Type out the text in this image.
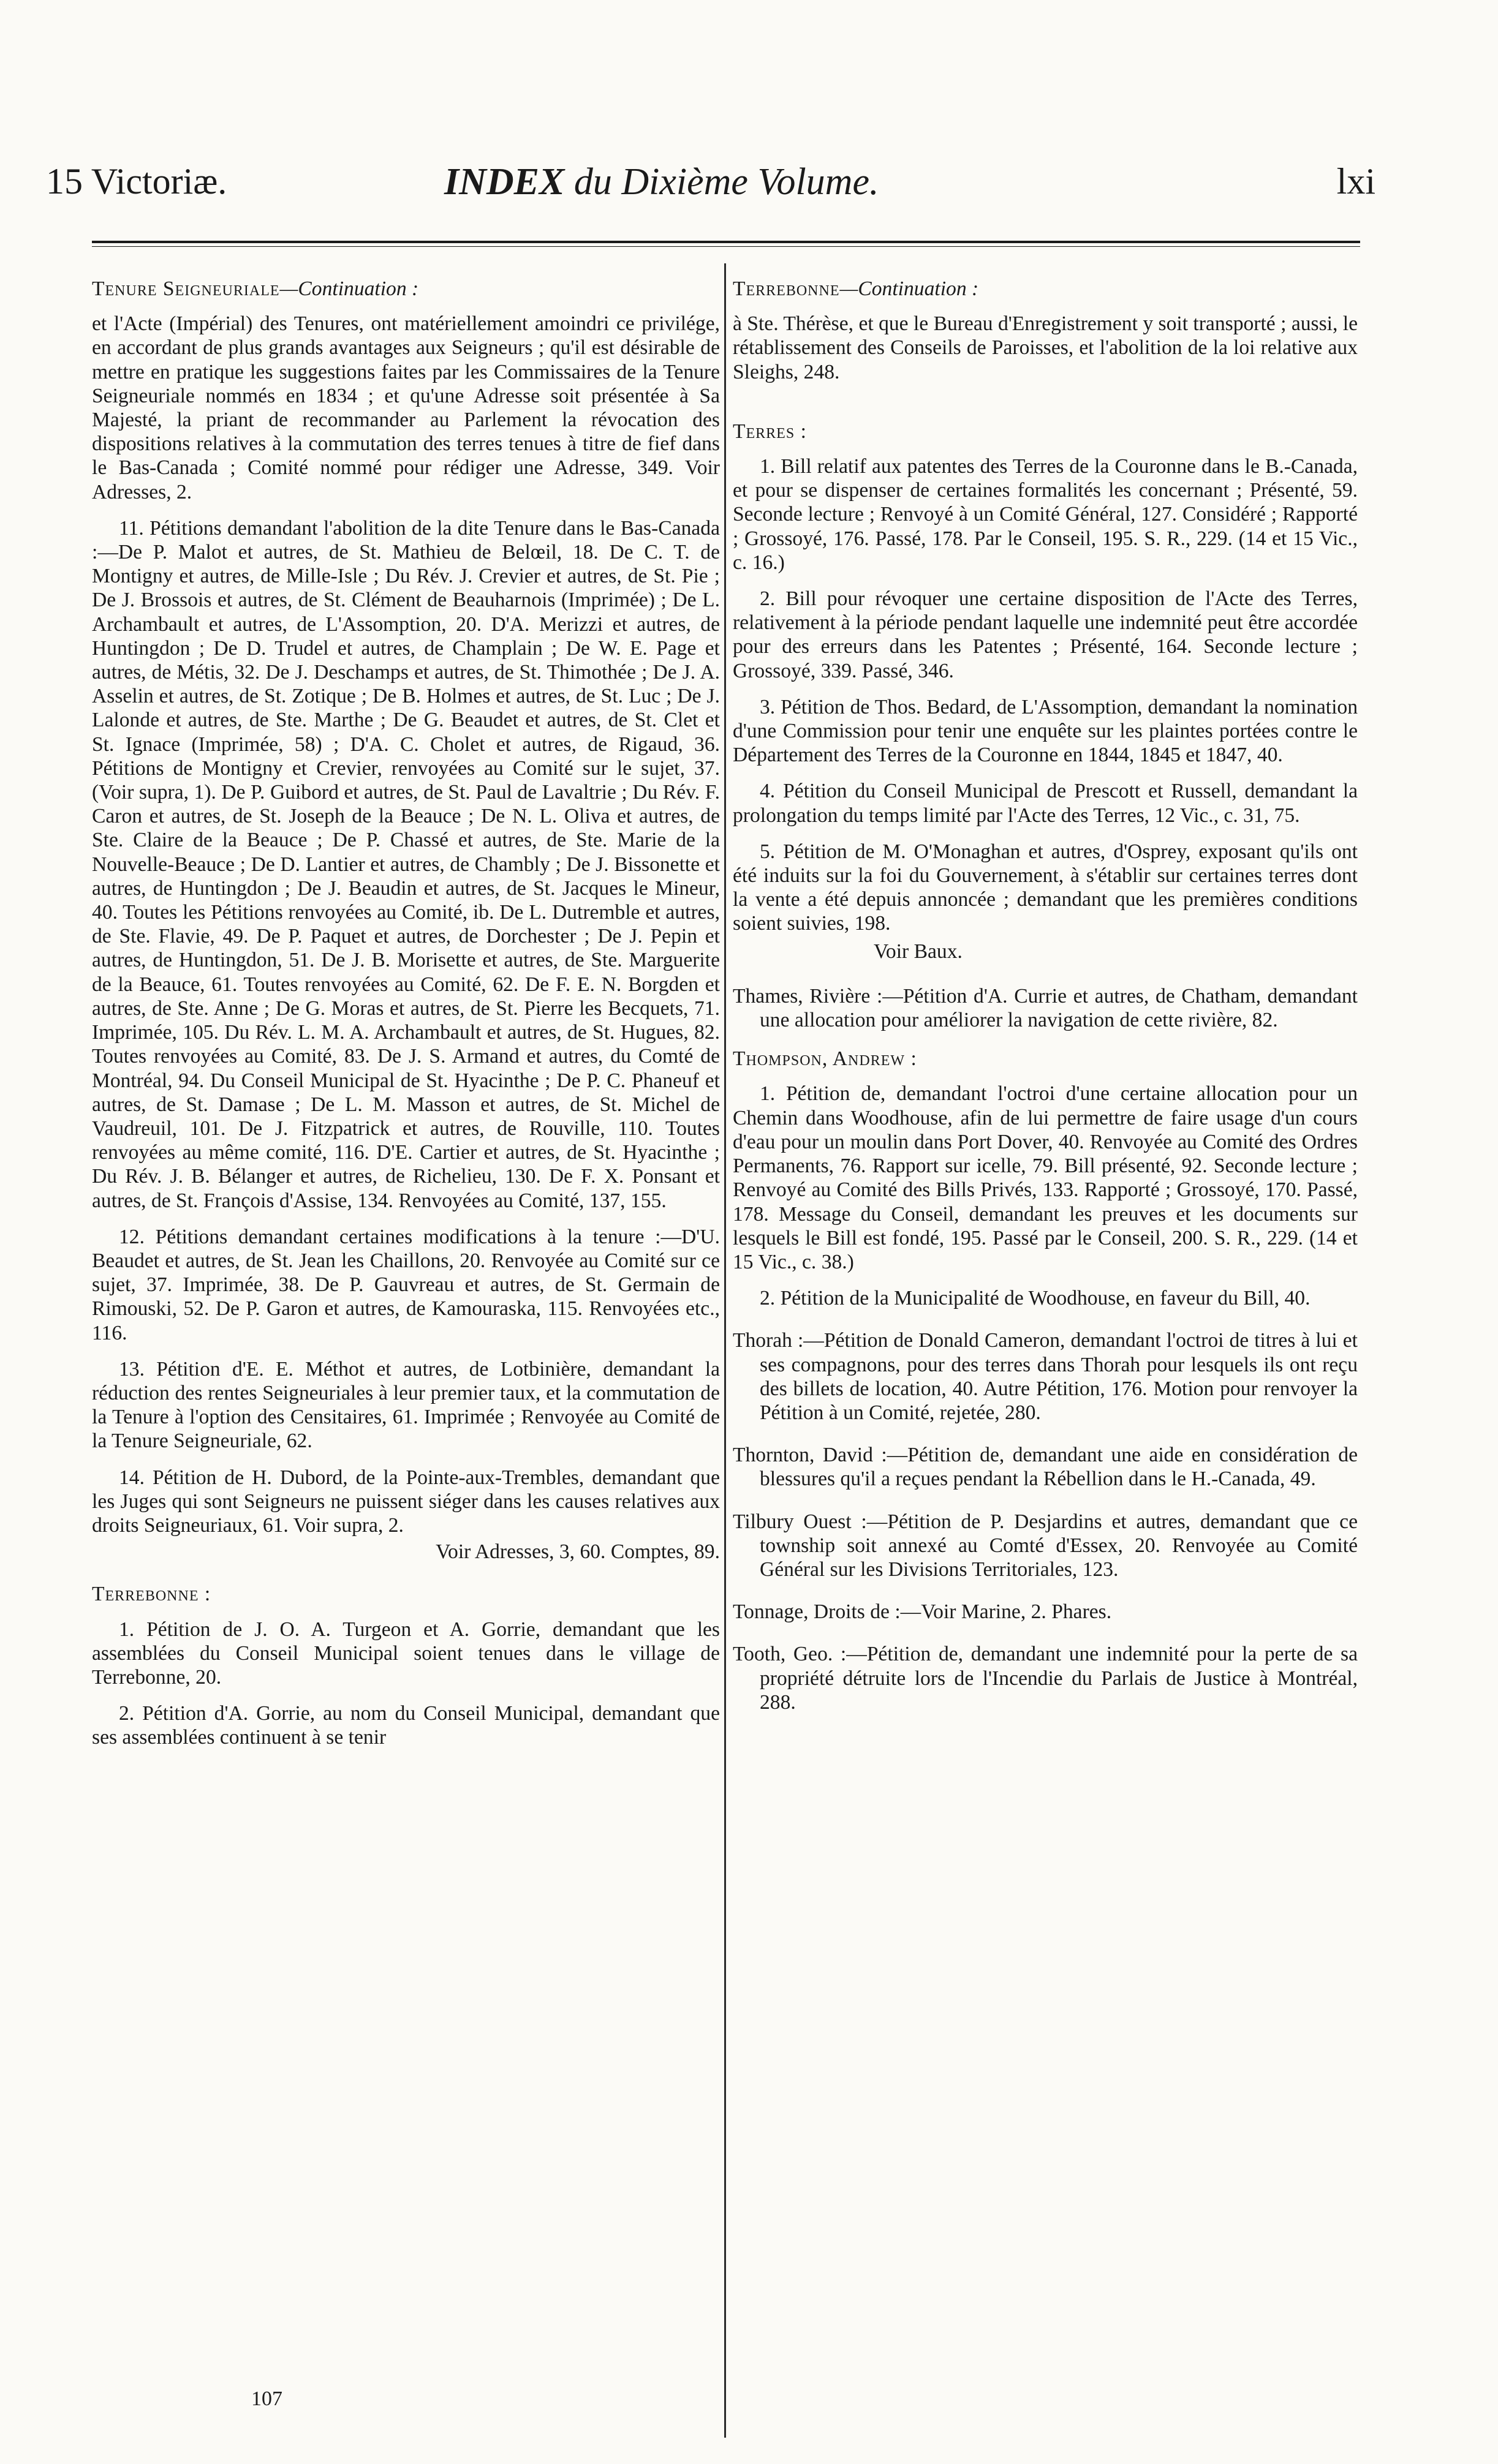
15 Victoriæ.	INDEX du Dixième Volume.	lxi
Tenure Seigneuriale—Continuation :

et l'Acte (Impérial) des Tenures, ont matériellement amoindri ce privilége, en accordant de plus grands avantages aux Seigneurs ; qu'il est désirable de mettre en pratique les suggestions faites par les Commissaires de la Tenure Seigneuriale nommés en 1834 ; et qu'une Adresse soit présentée à Sa Majesté, la priant de recommander au Parlement la révocation des dispositions relatives à la commutation des terres tenues à titre de fief dans le Bas-Canada ; Comité nommé pour rédiger une Adresse, 349. Voir Adresses, 2.

11. Pétitions demandant l'abolition de la dite Tenure dans le Bas-Canada :—De P. Malot et autres, de St. Mathieu de Belœil, 18. De C. T. de Montigny et autres, de Mille-Isle ; Du Rév. J. Crevier et autres, de St. Pie ; De J. Brossois et autres, de St. Clément de Beauharnois (Imprimée) ; De L. Archambault et autres, de L'Assomption, 20. D'A. Merizzi et autres, de Huntingdon ; De D. Trudel et autres, de Champlain ; De W. E. Page et autres, de Métis, 32. De J. Deschamps et autres, de St. Thimothée ; De J. A. Asselin et autres, de St. Zotique ; De B. Holmes et autres, de St. Luc ; De J. Lalonde et autres, de Ste. Marthe ; De G. Beaudet et autres, de St. Clet et St. Ignace (Imprimée, 58) ; D'A. C. Cholet et autres, de Rigaud, 36. Pétitions de Montigny et Crevier, renvoyées au Comité sur le sujet, 37. (Voir supra, 1). De P. Guibord et autres, de St. Paul de Lavaltrie ; Du Rév. F. Caron et autres, de St. Joseph de la Beauce ; De N. L. Oliva et autres, de Ste. Claire de la Beauce ; De P. Chassé et autres, de Ste. Marie de la Nouvelle-Beauce ; De D. Lantier et autres, de Chambly ; De J. Bissonette et autres, de Huntingdon ; De J. Beaudin et autres, de St. Jacques le Mineur, 40. Toutes les Pétitions renvoyées au Comité, ib. De L. Dutremble et autres, de Ste. Flavie, 49. De P. Paquet et autres, de Dorchester ; De J. Pepin et autres, de Huntingdon, 51. De J. B. Morisette et autres, de Ste. Marguerite de la Beauce, 61. Toutes renvoyées au Comité, 62. De F. E. N. Borgden et autres, de Ste. Anne ; De G. Moras et autres, de St. Pierre les Becquets, 71. Imprimée, 105. Du Rév. L. M. A. Archambault et autres, de St. Hugues, 82. Toutes renvoyées au Comité, 83. De J. S. Armand et autres, du Comté de Montréal, 94. Du Conseil Municipal de St. Hyacinthe ; De P. C. Phaneuf et autres, de St. Damase ; De L. M. Masson et autres, de St. Michel de Vaudreuil, 101. De J. Fitzpatrick et autres, de Rouville, 110. Toutes renvoyées au même comité, 116. D'E. Cartier et autres, de St. Hyacinthe ; Du Rév. J. B. Bélanger et autres, de Richelieu, 130. De F. X. Ponsant et autres, de St. François d'Assise, 134. Renvoyées au Comité, 137, 155.

12. Pétitions demandant certaines modifications à la tenure :—D'U. Beaudet et autres, de St. Jean les Chaillons, 20. Renvoyée au Comité sur ce sujet, 37. Imprimée, 38. De P. Gauvreau et autres, de St. Germain de Rimouski, 52. De P. Garon et autres, de Kamouraska, 115. Renvoyées etc., 116.

13. Pétition d'E. E. Méthot et autres, de Lotbinière, demandant la réduction des rentes Seigneuriales à leur premier taux, et la commutation de la Tenure à l'option des Censitaires, 61. Imprimée ; Renvoyée au Comité de la Tenure Seigneuriale, 62.

14. Pétition de H. Dubord, de la Pointe-aux-Trembles, demandant que les Juges qui sont Seigneurs ne puissent siéger dans les causes relatives aux droits Seigneuriaux, 61. Voir supra, 2.

Voir Adresses, 3, 60. Comptes, 89.

Terrebonne :

1. Pétition de J. O. A. Turgeon et A. Gorrie, demandant que les assemblées du Conseil Municipal soient tenues dans le village de Terrebonne, 20.

2. Pétition d'A. Gorrie, au nom du Conseil Municipal, demandant que ses assemblées continuent à se tenir

Terrebonne—Continuation :

à Ste. Thérèse, et que le Bureau d'Enregistrement y soit transporté ; aussi, le rétablissement des Conseils de Paroisses, et l'abolition de la loi relative aux Sleighs, 248.

Terres :

1. Bill relatif aux patentes des Terres de la Couronne dans le B.-Canada, et pour se dispenser de certaines formalités les concernant ; Présenté, 59. Seconde lecture ; Renvoyé à un Comité Général, 127. Considéré ; Rapporté ; Grossoyé, 176. Passé, 178. Par le Conseil, 195. S. R., 229. (14 et 15 Vic., c. 16.)

2. Bill pour révoquer une certaine disposition de l'Acte des Terres, relativement à la période pendant laquelle une indemnité peut être accordée pour des erreurs dans les Patentes ; Présenté, 164. Seconde lecture ; Grossoyé, 339. Passé, 346.

3. Pétition de Thos. Bedard, de L'Assomption, demandant la nomination d'une Commission pour tenir une enquête sur les plaintes portées contre le Département des Terres de la Couronne en 1844, 1845 et 1847, 40.

4. Pétition du Conseil Municipal de Prescott et Russell, demandant la prolongation du temps limité par l'Acte des Terres, 12 Vic., c. 31, 75.

5. Pétition de M. O'Monaghan et autres, d'Osprey, exposant qu'ils ont été induits sur la foi du Gouvernement, à s'établir sur certaines terres dont la vente a été depuis annoncée ; demandant que les premières conditions soient suivies, 198.

Voir Baux.

Thames, Rivière :—Pétition d'A. Currie et autres, de Chatham, demandant une allocation pour améliorer la navigation de cette rivière, 82.

Thompson, Andrew :

1. Pétition de, demandant l'octroi d'une certaine allocation pour un Chemin dans Woodhouse, afin de lui permettre de faire usage d'un cours d'eau pour un moulin dans Port Dover, 40. Renvoyée au Comité des Ordres Permanents, 76. Rapport sur icelle, 79. Bill présenté, 92. Seconde lecture ; Renvoyé au Comité des Bills Privés, 133. Rapporté ; Grossoyé, 170. Passé, 178. Message du Conseil, demandant les preuves et les documents sur lesquels le Bill est fondé, 195. Passé par le Conseil, 200. S. R., 229. (14 et 15 Vic., c. 38.)

2. Pétition de la Municipalité de Woodhouse, en faveur du Bill, 40.

Thorah :—Pétition de Donald Cameron, demandant l'octroi de titres à lui et ses compagnons, pour des terres dans Thorah pour lesquels ils ont reçu des billets de location, 40. Autre Pétition, 176. Motion pour renvoyer la Pétition à un Comité, rejetée, 280.

Thornton, David :—Pétition de, demandant une aide en considération de blessures qu'il a reçues pendant la Rébellion dans le H.-Canada, 49.

Tilbury Ouest :—Pétition de P. Desjardins et autres, demandant que ce township soit annexé au Comté d'Essex, 20. Renvoyée au Comité Général sur les Divisions Territoriales, 123.

Tonnage, Droits de :—Voir Marine, 2. Phares.

Tooth, Geo. :—Pétition de, demandant une indemnité pour la perte de sa propriété détruite lors de l'Incendie du Parlais de Justice à Montréal, 288.

107
